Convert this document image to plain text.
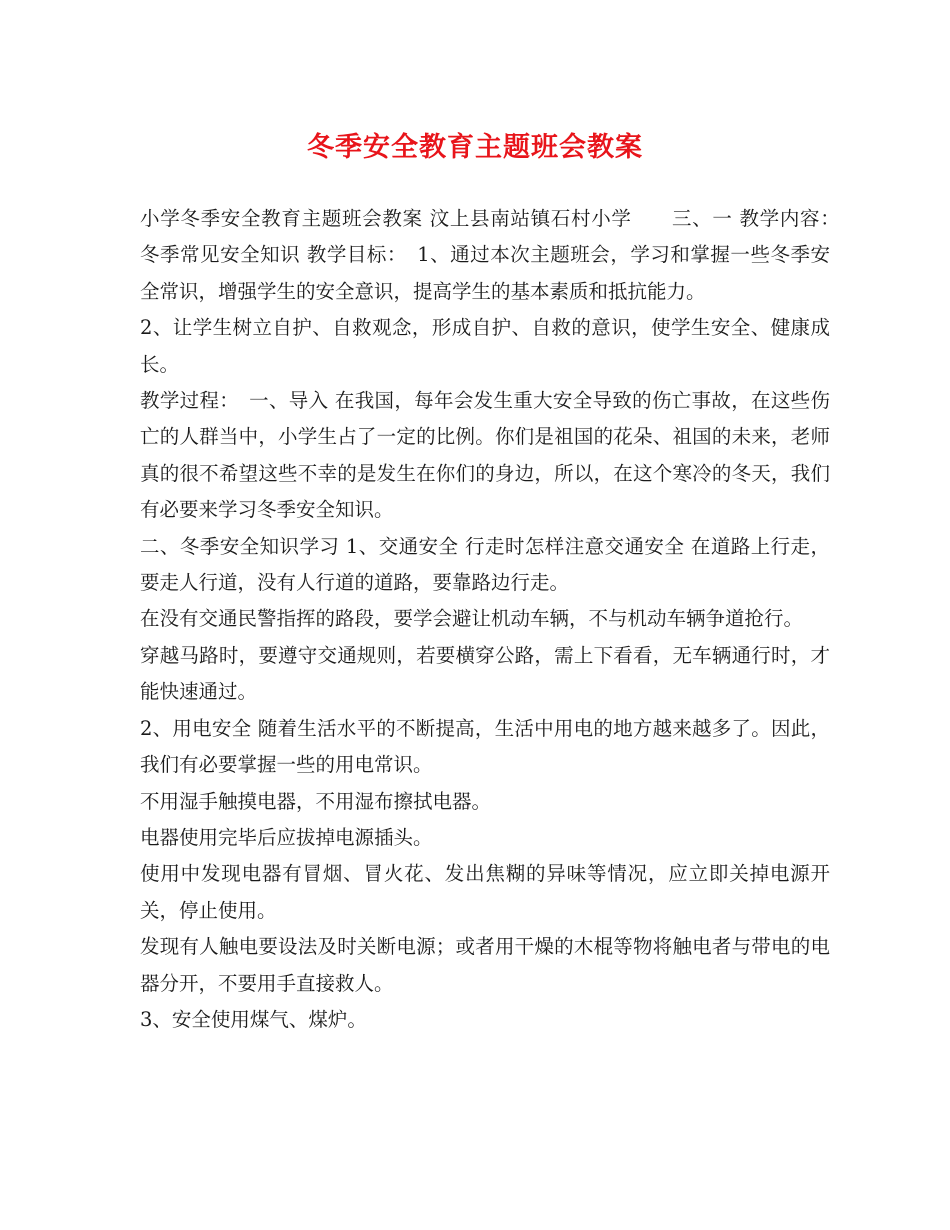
冬季安全教育主题班会教案

小学冬季安全教育主题班会教案 汶上县南站镇石村小学　　三、一 教学内容：　冬季常见安全知识 教学目标：　1、通过本次主题班会，学习和掌握一些冬季安全常识，增强学生的安全意识，提高学生的基本素质和抵抗能力。

2、让学生树立自护、自救观念，形成自护、自救的意识，使学生安全、健康成长。

教学过程：　一、导入 在我国，每年会发生重大安全导致的伤亡事故，在这些伤亡的人群当中，小学生占了一定的比例。你们是祖国的花朵、祖国的未来，老师真的很不希望这些不幸的是发生在你们的身边，所以，在这个寒冷的冬天，我们有必要来学习冬季安全知识。

二、冬季安全知识学习 1、交通安全 行走时怎样注意交通安全 在道路上行走，要走人行道，没有人行道的道路，要靠路边行走。

在没有交通民警指挥的路段，要学会避让机动车辆，不与机动车辆争道抢行。

穿越马路时，要遵守交通规则，若要横穿公路，需上下看看，无车辆通行时，才能快速通过。

2、用电安全 随着生活水平的不断提高，生活中用电的地方越来越多了。因此，我们有必要掌握一些的用电常识。

不用湿手触摸电器，不用湿布擦拭电器。

电器使用完毕后应拔掉电源插头。

使用中发现电器有冒烟、冒火花、发出焦糊的异味等情况，应立即关掉电源开关，停止使用。

发现有人触电要设法及时关断电源；或者用干燥的木棍等物将触电者与带电的电器分开，不要用手直接救人。

3、安全使用煤气、煤炉。
